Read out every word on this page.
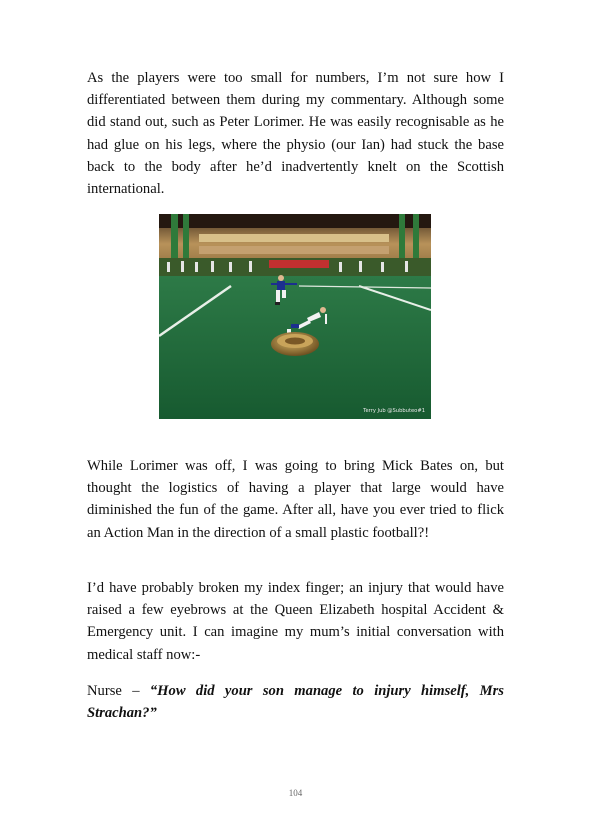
As the players were too small for numbers, I’m not sure how I differentiated between them during my commentary. Although some did stand out, such as Peter Lorimer. He was easily recognisable as he had glue on his legs, where the physio (our Ian) had stuck the base back to the body after he’d inadvertently knelt on the Scottish international.

Terry Jub @Subbuteo#1

While Lorimer was off, I was going to bring Mick Bates on, but thought the logistics of having a player that large would have diminished the fun of the game. After all, have you ever tried to flick an Action Man in the direction of a small plastic football?!

I’d have probably broken my index finger; an injury that would have raised a few eyebrows at the Queen Elizabeth hospital Accident & Emergency unit. I can imagine my mum’s initial conversation with medical staff now:-

Nurse – “How did your son manage to injury himself, Mrs Strachan?”

104
